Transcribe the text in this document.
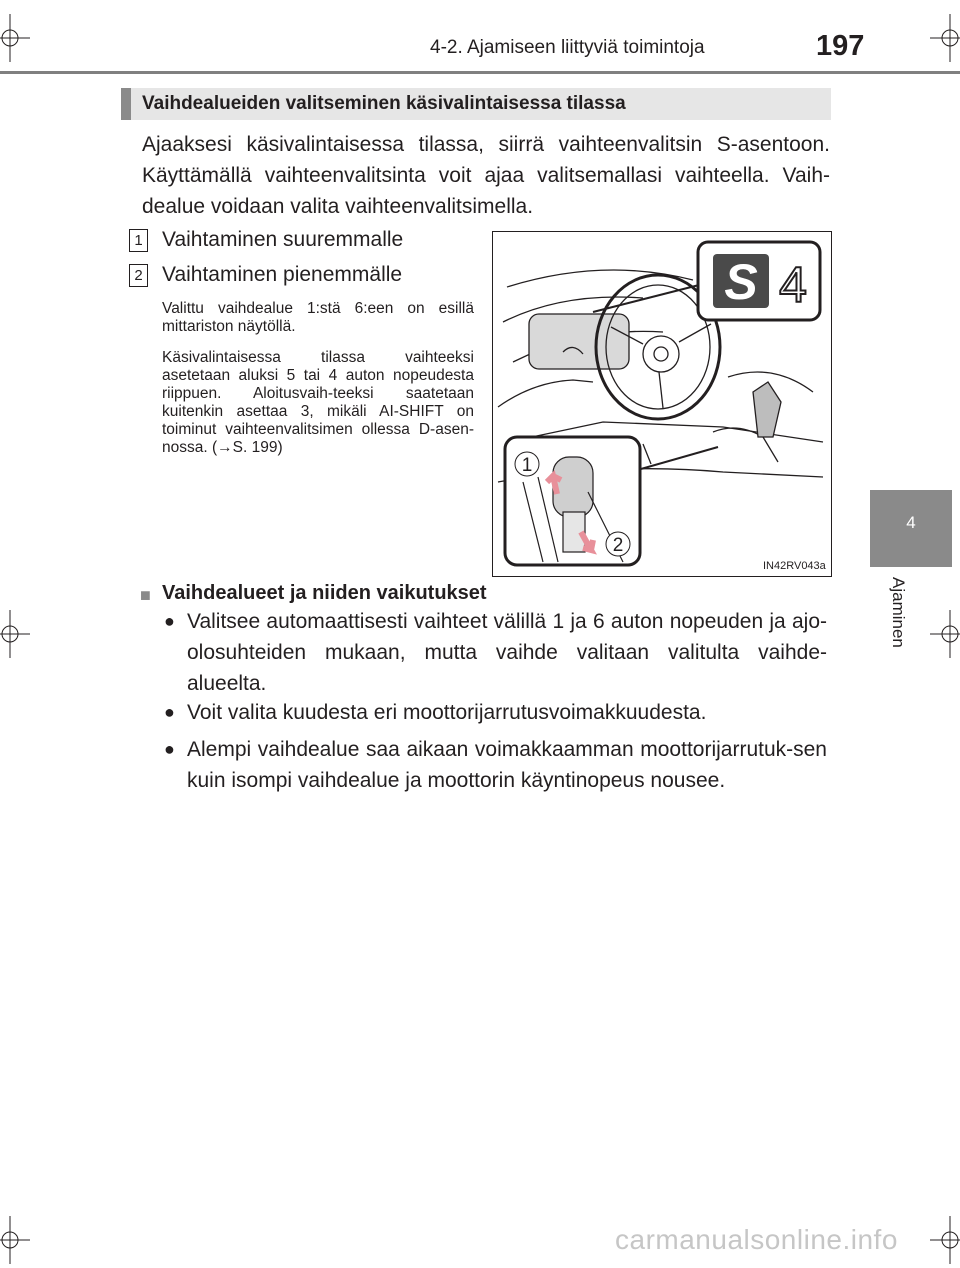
4-2. Ajamiseen liittyviä toimintoja	197
4
Ajaminen
Vaihdealueiden valitseminen käsivalintaisessa tilassa
Ajaaksesi käsivalintaisessa tilassa, siirrä vaihteenvalitsin S-asentoon. Käyttämällä vaihteenvalitsinta voit ajaa valitsemallasi vaihteella. Vaih-dealue voidaan valita vaihteenvalitsimella.
1 Vaihtaminen suuremmalle
2 Vaihtaminen pienemmälle
Valittu vaihdealue 1:stä 6:een on esillä mittariston näytöllä.
Käsivalintaisessa tilassa vaihteeksi asetetaan aluksi 5 tai 4 auton nopeudesta riippuen. Aloitusvaih-teeksi saatetaan kuitenkin asettaa 3, mikäli AI-SHIFT on toiminut vaihteenvalitsimen ollessa D-asen-nossa. (→S. 199)
S 4
1
2
IN42RV043a
■ Vaihdealueet ja niiden vaikutukset
● Valitsee automaattisesti vaihteet välillä 1 ja 6 auton nopeuden ja ajo-olosuhteiden mukaan, mutta vaihde valitaan valitulta vaihde-alueelta.
● Voit valita kuudesta eri moottorijarrutusvoimakkuudesta.
● Alempi vaihdealue saa aikaan voimakkaamman moottorijarrutuk-sen kuin isompi vaihdealue ja moottorin käyntinopeus nousee.
carmanualsonline.info
